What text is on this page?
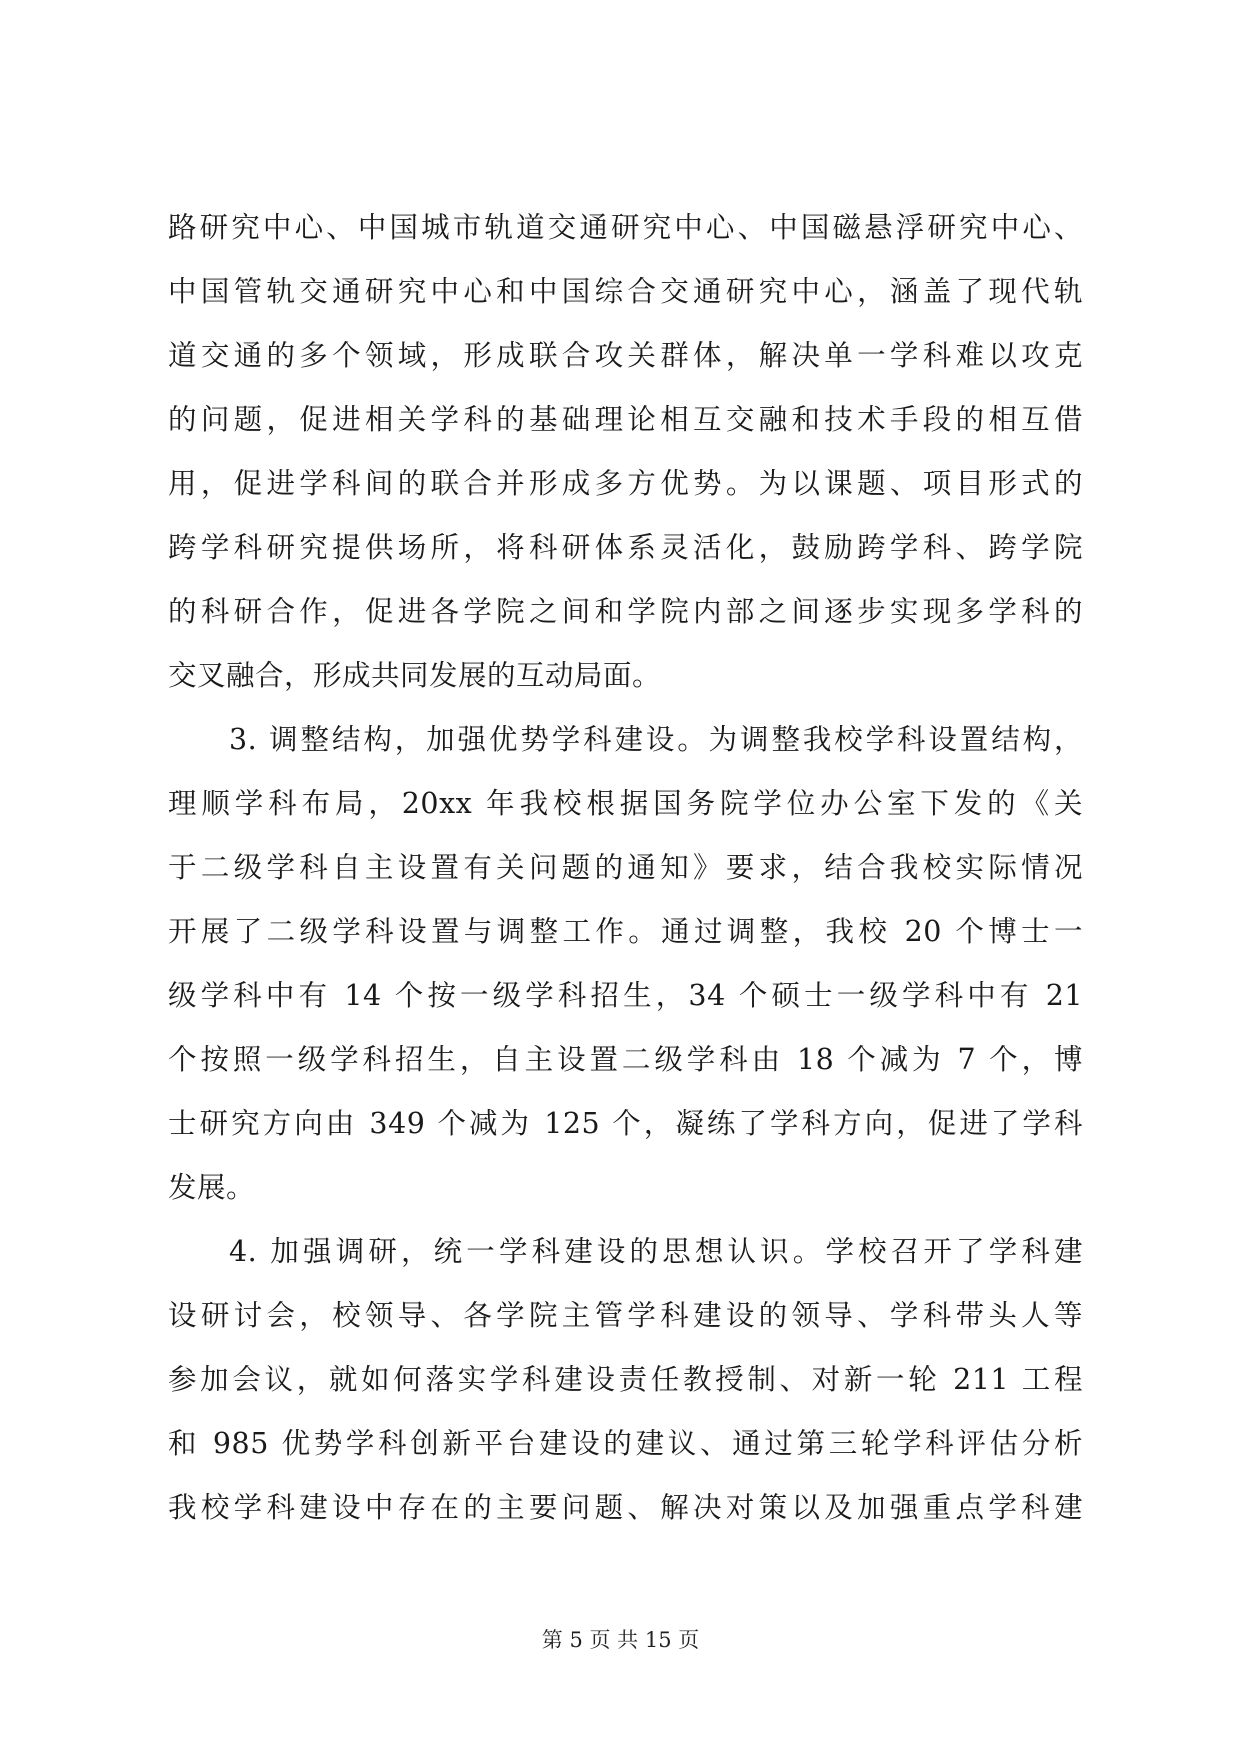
路研究中心、中国城市轨道交通研究中心、中国磁悬浮研究中心、
中国管轨交通研究中心和中国综合交通研究中心，涵盖了现代轨
道交通的多个领域，形成联合攻关群体，解决单一学科难以攻克
的问题，促进相关学科的基础理论相互交融和技术手段的相互借
用，促进学科间的联合并形成多方优势。为以课题、项目形式的
跨学科研究提供场所，将科研体系灵活化，鼓励跨学科、跨学院
的科研合作，促进各学院之间和学院内部之间逐步实现多学科的
交叉融合，形成共同发展的互动局面。
3. 调整结构，加强优势学科建设。为调整我校学科设置结构，
理顺学科布局，20xx 年我校根据国务院学位办公室下发的《关
于二级学科自主设置有关问题的通知》要求，结合我校实际情况
开展了二级学科设置与调整工作。通过调整，我校 20 个博士一
级学科中有 14 个按一级学科招生，34 个硕士一级学科中有 21
个按照一级学科招生，自主设置二级学科由 18 个减为 7 个，博
士研究方向由 349 个减为 125 个，凝练了学科方向，促进了学科
发展。
4. 加强调研，统一学科建设的思想认识。学校召开了学科建
设研讨会，校领导、各学院主管学科建设的领导、学科带头人等
参加会议，就如何落实学科建设责任教授制、对新一轮 211 工程
和 985 优势学科创新平台建设的建议、通过第三轮学科评估分析
我校学科建设中存在的主要问题、解决对策以及加强重点学科建
第 5 页 共 15 页
